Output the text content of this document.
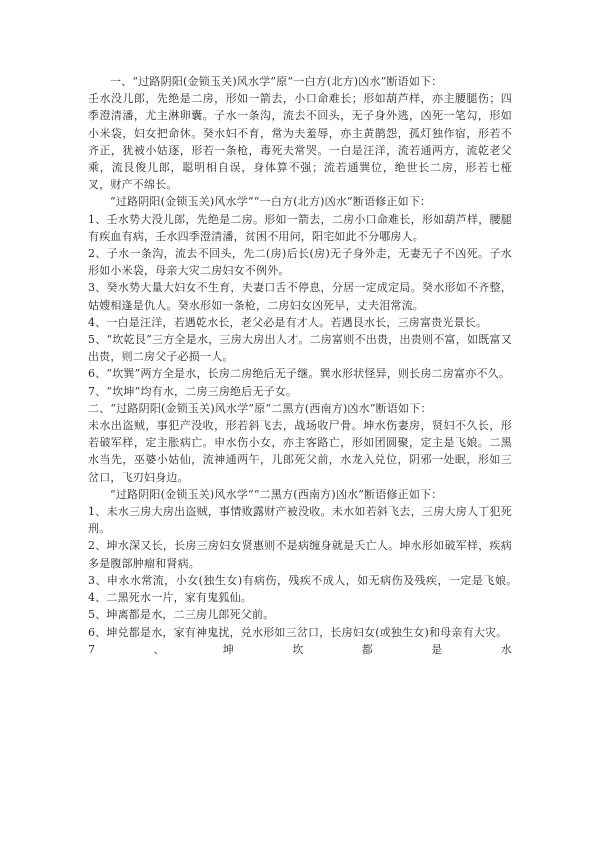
一、“过路阴阳(金锁玉关)风水学”原“一白方(北方)凶水”断语如下：

壬水没儿郎，先绝是二房，形如一箭去，小口命难长；形如葫芦样，亦主腰腿伤；四季澄清潘，尤主淋卵囊。子水一条沟，流去不回头，无子身外逃，凶死一笔勾，形如小米袋，妇女把命休。癸水妇不育，常为夫羞辱，亦主黄鹊怨，孤灯独作宿，形若不齐正，犹被小姑逐，形若一条枪，毒死夫常哭。一白是汪洋，流若通两方，流乾老父乘，流艮俊儿郎，聪明相自误，身体算不强；流若通巽位，绝世长二房，形若七桠叉，财产不绵长。

“过路阴阳(金锁玉关)风水学”“一白方(北方)凶水”断语修正如下：

1、壬水势大没儿郎，先绝是二房。形如一箭去，二房小口命难长，形如葫芦样，腰腿有疾血有病，壬水四季澄清潘，贫困不用问，阳宅如此不分哪房人。

2、子水一条沟，流去不回头，先二(房)后长(房)无子身外走，无妻无子不凶死。子水形如小米袋，母亲大灾二房妇女不例外。

3、癸水势大量大妇女不生育，夫妻口舌不停息，分居一定成定局。癸水形如不齐整，姑嫂相逢是仇人。癸水形如一条枪，二房妇女凶死早，丈夫泪常流。

4、一白是汪洋，若遇乾水长，老父必是有才人。若遇艮水长，三房富贵光景长。

5、“坎乾艮”三方全是水，三房大房出人才。二房富则不出贵，出贵则不富，如既富又出贵，则二房父子必损一人。

6、“坎巽”两方全是水，长房二房绝后无子继。巽水形状怪异，则长房二房富亦不久。

7、“坎坤”均有水，二房三房绝后无子女。

二、“过路阴阳(金锁玉关)风水学”原“二黑方(西南方)凶水”断语如下：

未水出盗贼，事犯产没收，形若斜飞去，战场收尸骨。坤水伤妻房，贤妇不久长，形若破军样，定主胀病亡。申水伤小女，亦主客路亡，形如团圆聚，定主是飞娘。二黑水当先，巫婆小姑仙，流神通两午，儿郎死父前，水龙入兑位，阴邪一处眠，形如三岔口，飞刃妇身边。

“过路阴阳(金锁玉关)风水学”“二黑方(西南方)凶水”断语修正如下：

1、未水三房大房出盗贼，事情败露财产被没收。未水如若斜飞去，三房大房人丁犯死刑。

2、坤水深又长，长房三房妇女贤惠则不是病缠身就是夭亡人。坤水形如破军样，疾病多是腹部肿瘤和肾病。

3、申水水常流，小女(独生女)有病伤，残疾不成人，如无病伤及残疾，一定是飞娘。　4、二黑死水一片，家有鬼狐仙。

5、坤离都是水，二三房儿郎死父前。

6、坤兑都是水，家有神鬼扰，兑水形如三岔口，长房妇女(或独生女)和母亲有大灾。

7	、	坤	坎	都	是	水
